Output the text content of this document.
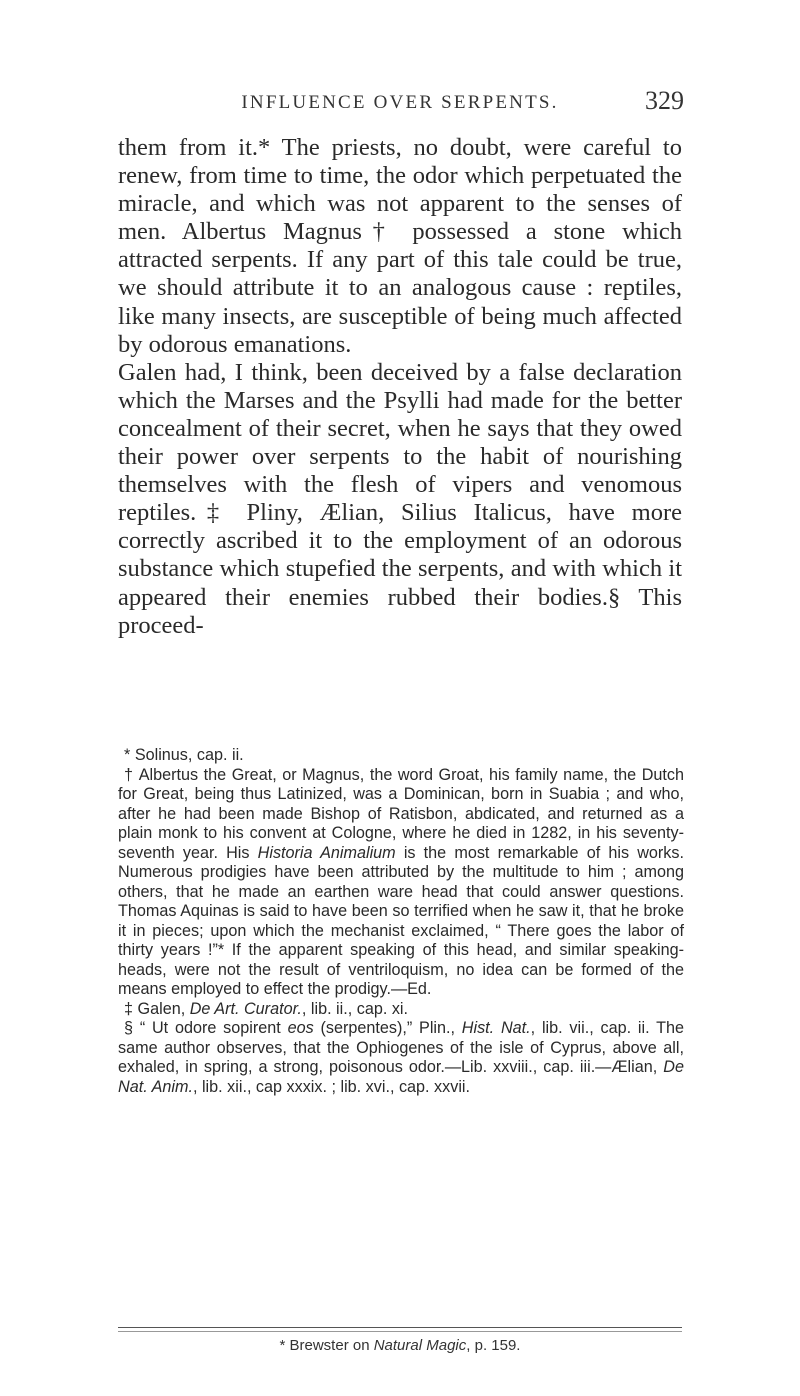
INFLUENCE OVER SERPENTS.	329

them from it.* The priests, no doubt, were careful to renew, from time to time, the odor which perpetuated the miracle, and which was not apparent to the senses of men. Albertus Magnus† possessed a stone which attracted serpents. If any part of this tale could be true, we should attribute it to an analogous cause : reptiles, like many insects, are susceptible of being much affected by odorous emanations.

Galen had, I think, been deceived by a false declaration which the Marses and the Psylli had made for the better concealment of their secret, when he says that they owed their power over serpents to the habit of nourishing themselves with the flesh of vipers and venomous reptiles.‡ Pliny, Ælian, Silius Italicus, have more correctly ascribed it to the employment of an odorous substance which stupefied the serpents, and with which it appeared their enemies rubbed their bodies.§ This proceed-

* Solinus, cap. ii.

† Albertus the Great, or Magnus, the word Groat, his family name, the Dutch for Great, being thus Latinized, was a Dominican, born in Suabia ; and who, after he had been made Bishop of Ratisbon, abdicated, and returned as a plain monk to his convent at Cologne, where he died in 1282, in his seventy-seventh year. His Historia Animalium is the most remarkable of his works. Numerous prodigies have been attributed by the multitude to him ; among others, that he made an earthen ware head that could answer questions. Thomas Aquinas is said to have been so terrified when he saw it, that he broke it in pieces; upon which the mechanist exclaimed, “ There goes the labor of thirty years !”* If the apparent speaking of this head, and similar speaking-heads, were not the result of ventriloquism, no idea can be formed of the means employed to effect the prodigy.—Ed.

‡ Galen, De Art. Curator., lib. ii., cap. xi.

§ “ Ut odore sopirent eos (serpentes),” Plin., Hist. Nat., lib. vii., cap. ii. The same author observes, that the Ophiogenes of the isle of Cyprus, above all, exhaled, in spring, a strong, poisonous odor.—Lib. xxviii., cap. iii.—Ælian, De Nat. Anim., lib. xii., cap xxxix. ; lib. xvi., cap. xxvii.

* Brewster on Natural Magic, p. 159.
